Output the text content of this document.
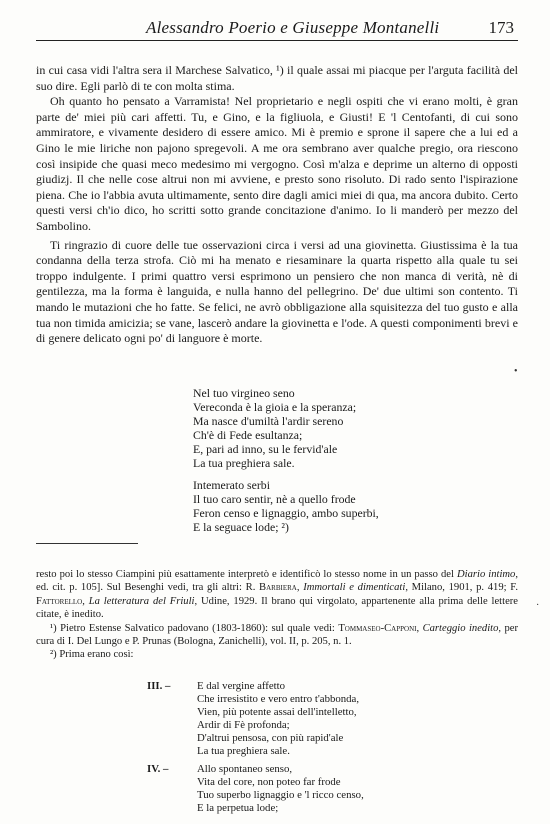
Alessandro Poerio e Giuseppe Montanelli	173

in cui casa vidi l'altra sera il Marchese Salvatico, ¹) il quale assai mi piacque per l'arguta facilità del suo dire. Egli parlò di te con molta stima.

Oh quanto ho pensato a Varramista! Nel proprietario e negli ospiti che vi erano molti, è gran parte de' miei più cari affetti. Tu, e Gino, e la figliuola, e Giusti! E 'l Centofanti, di cui sono ammiratore, e vivamente desidero di essere amico. Mi è premio e sprone il sapere che a lui ed a Gino le mie liriche non pajono spregevoli. A me ora sembrano aver qualche pregio, ora riescono così insipide che quasi meco medesimo mi vergogno. Così m'alza e deprime un alterno di opposti giudizj. Il che nelle cose altrui non mi avviene, e presto sono risoluto. Di rado sento l'ispirazione piena. Che io l'abbia avuta ultimamente, sento dire dagli amici miei di qua, ma ancora dubito. Certo questi versi ch'io dico, ho scritti sotto grande concitazione d'animo. Io li manderò per mezzo del Sambolino.

Ti ringrazio di cuore delle tue osservazioni circa i versi ad una giovinetta. Giustissima è la tua condanna della terza strofa. Ciò mi ha menato e riesaminare la quarta rispetto alla quale tu sei troppo indulgente. I primi quattro versi esprimono un pensiero che non manca di verità, nè di gentilezza, ma la forma è languida, e nulla hanno del pellegrino. De' due ultimi son contento. Ti mando le mutazioni che ho fatte. Se felici, ne avrò obbligazione alla squisitezza del tuo gusto e alla tua non timida amicizia; se vane, lascerò andare la giovinetta e l'ode. A questi componimenti brevi e di genere delicato ogni po' di languore è morte.

Nel tuo virgineo seno
Vereconda è la gioia e la speranza;
Ma nasce d'umiltà l'ardir sereno
Ch'è di Fede esultanza;
E, pari ad inno, su le fervid'ale
La tua preghiera sale.
Intemerato serbi
Il tuo caro sentir, nè a quello frode
Feron censo e lignaggio, ambo superbi,
E la seguace lode; ²)

resto poi lo stesso Ciampini più esattamente interpretò e identificò lo stesso nome in un passo del Diario intimo, ed. cit. p. 105]. Sul Besenghi vedi, tra gli altri: R. Barbiera, Immortali e dimenticati, Milano, 1901, p. 419; F. Fattorello, La letteratura del Friuli, Udine, 1929. Il brano qui virgolato, appartenente alla prima delle lettere citate, è inedito.

¹) Pietro Estense Salvatico padovano (1803-1860): sul quale vedi: Tommaseo-Capponi, Carteggio inedito, per cura di I. Del Lungo e P. Prunas (Bologna, Zanichelli), vol. II, p. 205, n. 1.

²) Prima erano così:

III. – E dal vergine affetto
Che irresistito e vero entro t'abbonda,
Vien, più potente assai dell'intelletto,
Ardir di Fè profonda;
D'altrui pensosa, con più rapid'ale
La tua preghiera sale.
IV. –	Allo spontaneo senso,
Vita del core, non poteo far frode
Tuo superbo lignaggio e 'l ricco censo,
E la perpetua lode;
•
·
